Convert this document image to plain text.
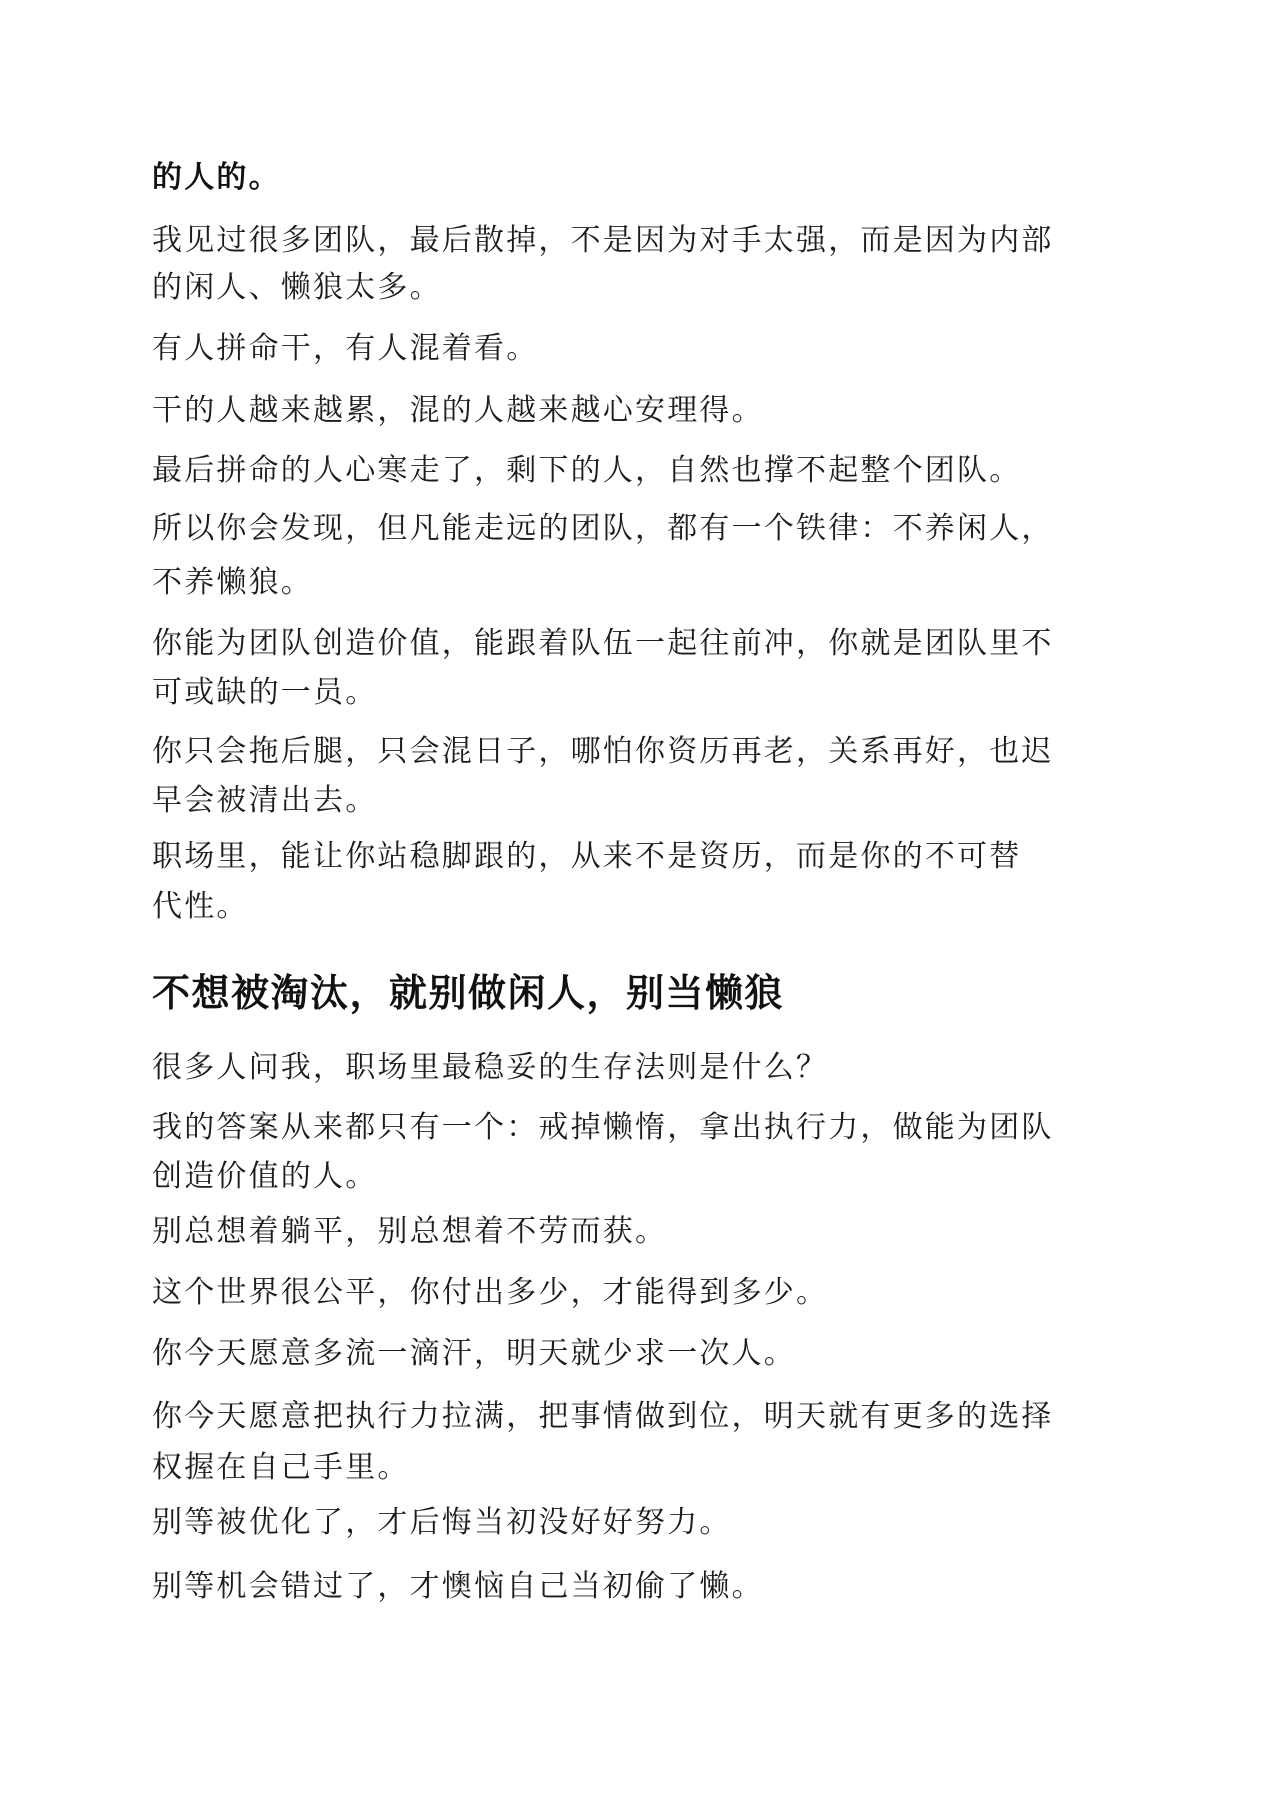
的人的。

我见过很多团队，最后散掉，不是因为对手太强，而是因为内部

的闲人、懒狼太多。

有人拼命干，有人混着看。

干的人越来越累，混的人越来越心安理得。

最后拼命的人心寒走了，剩下的人，自然也撑不起整个团队。

所以你会发现，但凡能走远的团队，都有一个铁律：不养闲人，

不养懒狼。

你能为团队创造价值，能跟着队伍一起往前冲，你就是团队里不

可或缺的一员。

你只会拖后腿，只会混日子，哪怕你资历再老，关系再好，也迟

早会被清出去。

职场里，能让你站稳脚跟的，从来不是资历，而是你的不可替

代性。

不想被淘汰，就别做闲人，别当懒狼

很多人问我，职场里最稳妥的生存法则是什么？

我的答案从来都只有一个：戒掉懒惰，拿出执行力，做能为团队

创造价值的人。

别总想着躺平，别总想着不劳而获。

这个世界很公平，你付出多少，才能得到多少。

你今天愿意多流一滴汗，明天就少求一次人。

你今天愿意把执行力拉满，把事情做到位，明天就有更多的选择

权握在自己手里。

别等被优化了，才后悔当初没好好努力。

别等机会错过了，才懊恼自己当初偷了懒。
